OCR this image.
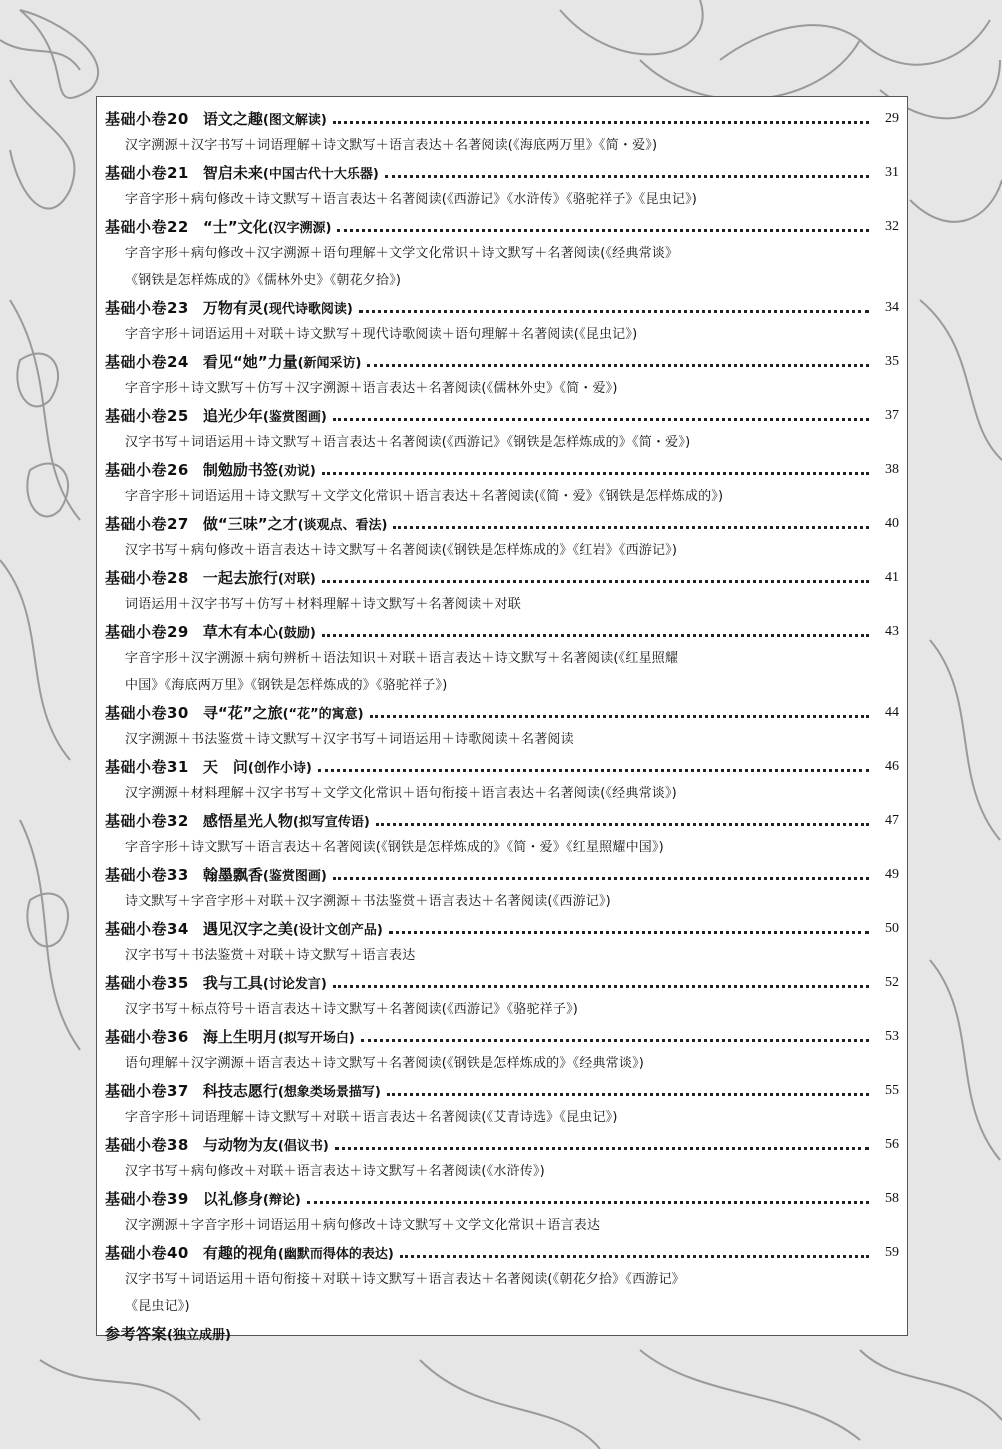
基础小卷20 语文之趣 (图文解读)	29
汉字溯源＋汉字书写＋词语理解＋诗文默写＋语言表达＋名著阅读(《海底两万里》《简・爱》)
基础小卷21 智启未来 (中国古代十大乐器)	31
字音字形＋病句修改＋诗文默写＋语言表达＋名著阅读(《西游记》《水浒传》《骆驼祥子》《昆虫记》)
基础小卷22 “士”文化 (汉字溯源)	32
字音字形＋病句修改＋汉字溯源＋语句理解＋文学文化常识＋诗文默写＋名著阅读(《经典常谈》
《钢铁是怎样炼成的》《儒林外史》《朝花夕拾》)
基础小卷23 万物有灵 (现代诗歌阅读)	34
字音字形＋词语运用＋对联＋诗文默写＋现代诗歌阅读＋语句理解＋名著阅读(《昆虫记》)
基础小卷24 看见“她”力量 (新闻采访)	35
字音字形＋诗文默写＋仿写＋汉字溯源＋语言表达＋名著阅读(《儒林外史》《简・爱》)
基础小卷25 追光少年 (鉴赏图画)	37
汉字书写＋词语运用＋诗文默写＋语言表达＋名著阅读(《西游记》《钢铁是怎样炼成的》《简・爱》)
基础小卷26 制勉励书签 (劝说)	38
字音字形＋词语运用＋诗文默写＋文学文化常识＋语言表达＋名著阅读(《简・爱》《钢铁是怎样炼成的》)
基础小卷27 做“三味”之才 (谈观点、看法)	40
汉字书写＋病句修改＋语言表达＋诗文默写＋名著阅读(《钢铁是怎样炼成的》《红岩》《西游记》)
基础小卷28 一起去旅行 (对联)	41
词语运用＋汉字书写＋仿写＋材料理解＋诗文默写＋名著阅读＋对联
基础小卷29 草木有本心 (鼓励)	43
字音字形＋汉字溯源＋病句辨析＋语法知识＋对联＋语言表达＋诗文默写＋名著阅读(《红星照耀
中国》《海底两万里》《钢铁是怎样炼成的》《骆驼祥子》)
基础小卷30 寻“花”之旅 (“花”的寓意)	44
汉字溯源＋书法鉴赏＋诗文默写＋汉字书写＋词语运用＋诗歌阅读＋名著阅读
基础小卷31 天　问 (创作小诗)	46
汉字溯源＋材料理解＋汉字书写＋文学文化常识＋语句衔接＋语言表达＋名著阅读(《经典常谈》)
基础小卷32 感悟星光人物 (拟写宣传语)	47
字音字形＋诗文默写＋语言表达＋名著阅读(《钢铁是怎样炼成的》《简・爱》《红星照耀中国》)
基础小卷33 翰墨飘香 (鉴赏图画)	49
诗文默写＋字音字形＋对联＋汉字溯源＋书法鉴赏＋语言表达＋名著阅读(《西游记》)
基础小卷34 遇见汉字之美 (设计文创产品)	50
汉字书写＋书法鉴赏＋对联＋诗文默写＋语言表达
基础小卷35 我与工具 (讨论发言)	52
汉字书写＋标点符号＋语言表达＋诗文默写＋名著阅读(《西游记》《骆驼祥子》)
基础小卷36 海上生明月 (拟写开场白)	53
语句理解＋汉字溯源＋语言表达＋诗文默写＋名著阅读(《钢铁是怎样炼成的》《经典常谈》)
基础小卷37 科技志愿行 (想象类场景描写)	55
字音字形＋词语理解＋诗文默写＋对联＋语言表达＋名著阅读(《艾青诗选》《昆虫记》)
基础小卷38 与动物为友 (倡议书)	56
汉字书写＋病句修改＋对联＋语言表达＋诗文默写＋名著阅读(《水浒传》)
基础小卷39 以礼修身 (辩论)	58
汉字溯源＋字音字形＋词语运用＋病句修改＋诗文默写＋文学文化常识＋语言表达
基础小卷40 有趣的视角 (幽默而得体的表达)	59
汉字书写＋词语运用＋语句衔接＋对联＋诗文默写＋语言表达＋名著阅读(《朝花夕拾》《西游记》
《昆虫记》)
参考答案 (独立成册)
